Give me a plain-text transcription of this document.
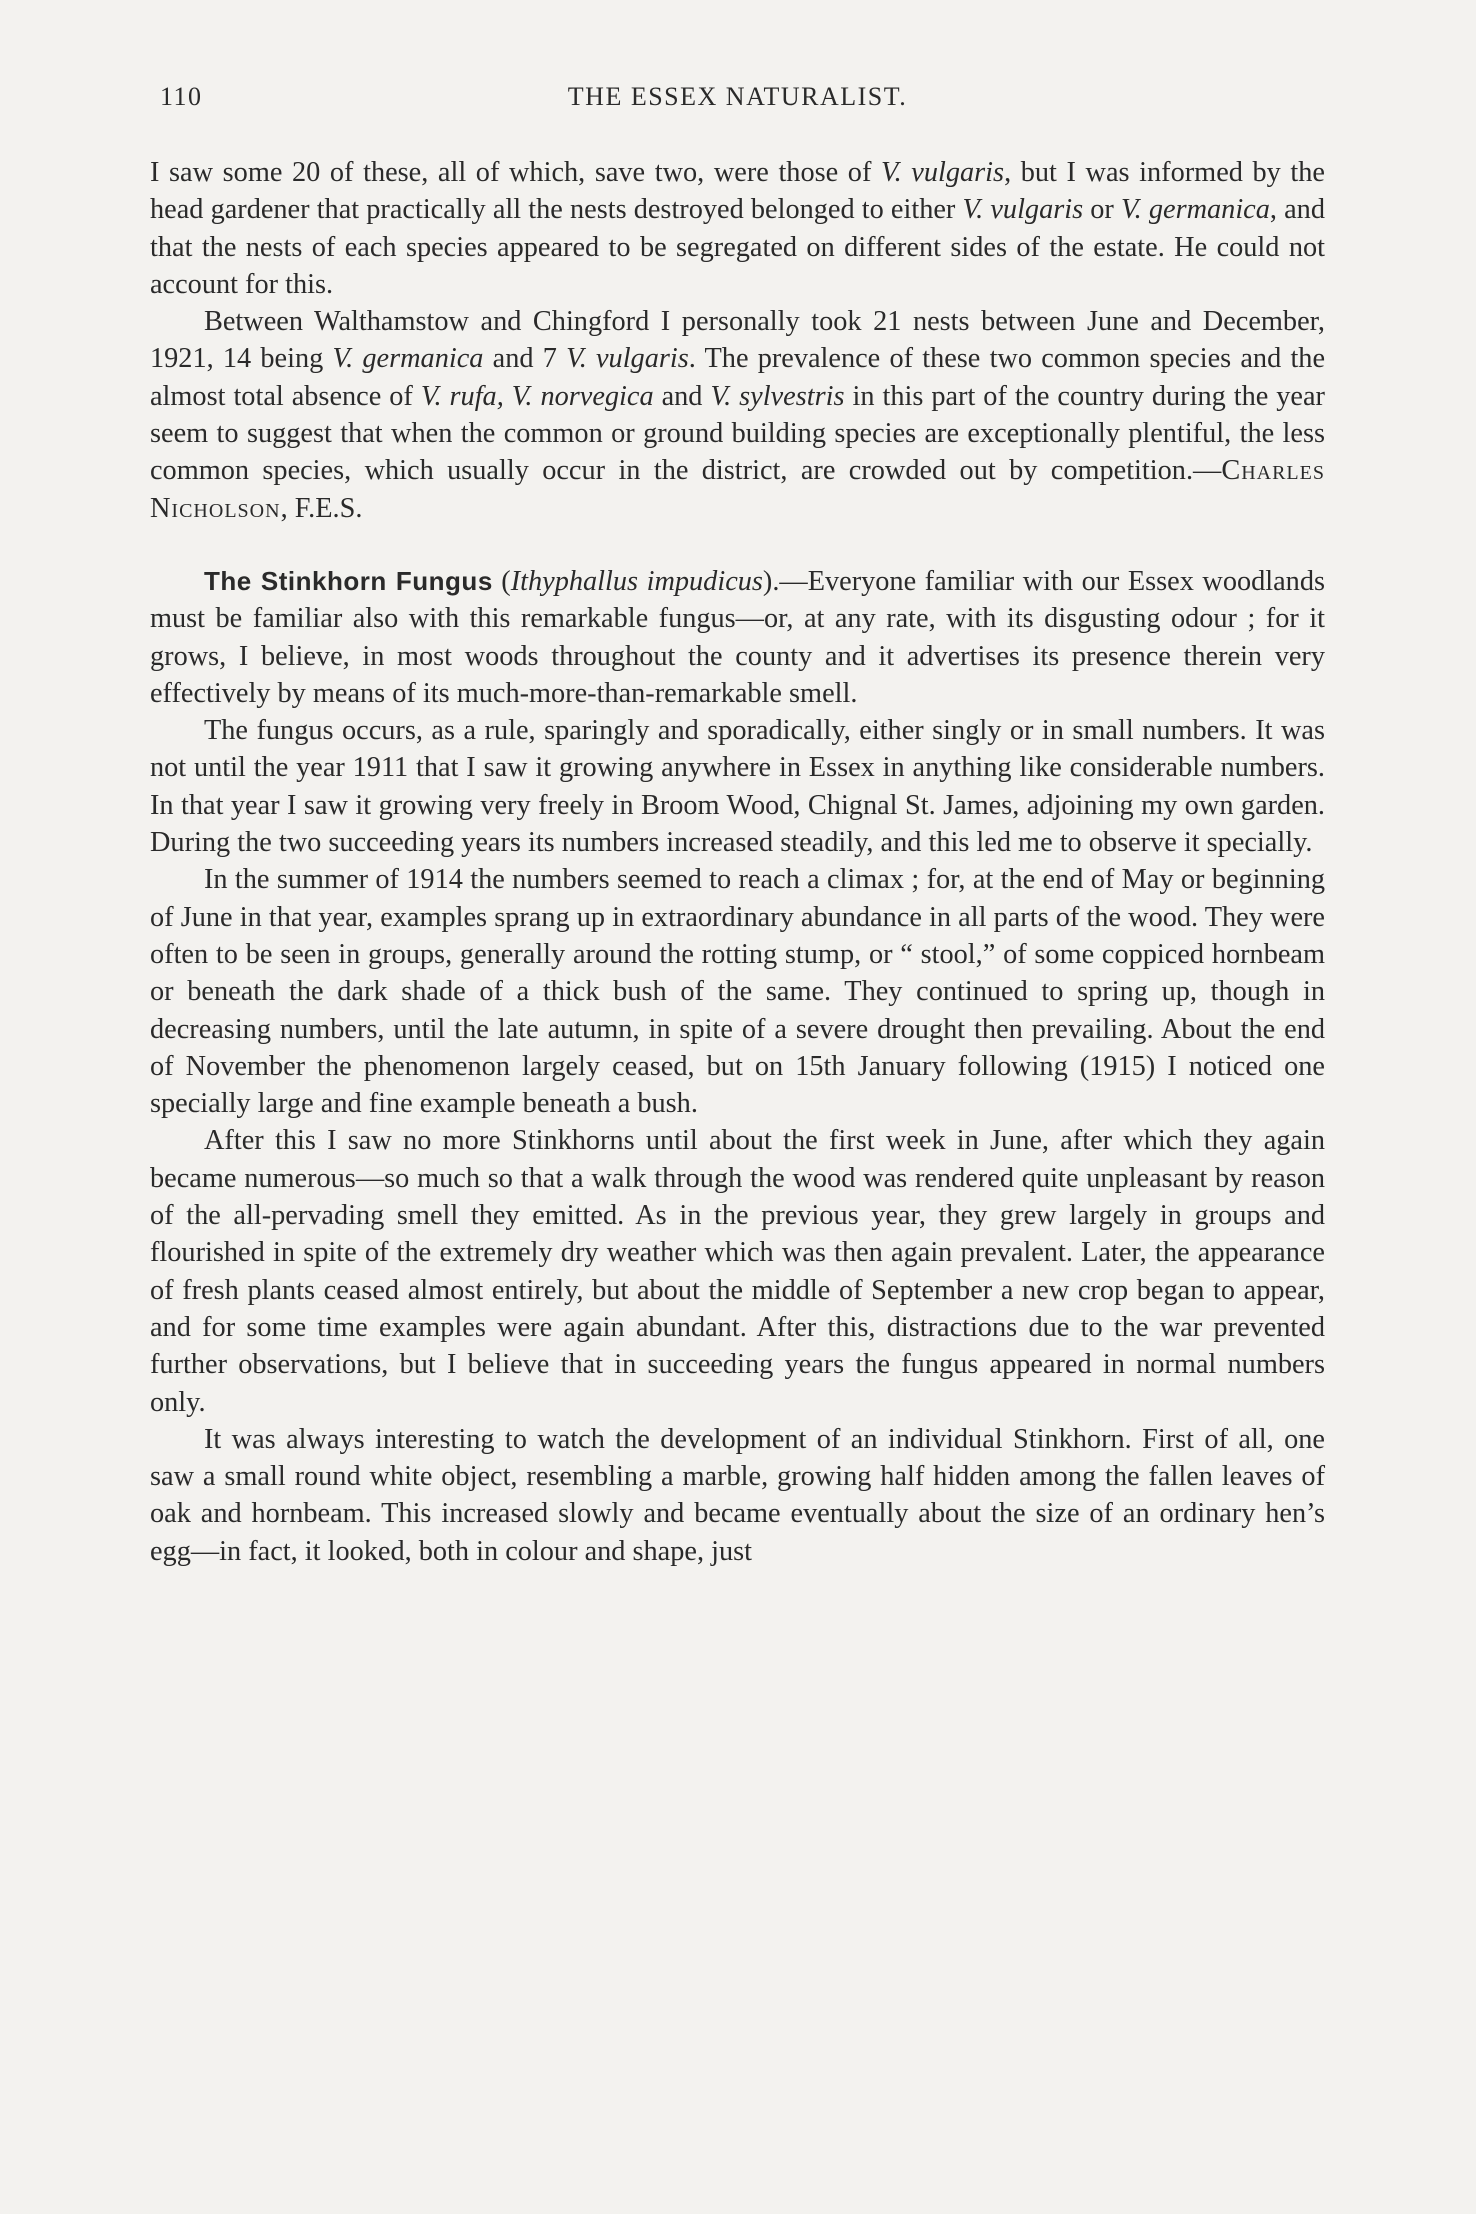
110	THE ESSEX NATURALIST.

I saw some 20 of these, all of which, save two, were those of V. vulgaris, but I was informed by the head gardener that practically all the nests destroyed belonged to either V. vulgaris or V. germanica, and that the nests of each species appeared to be segregated on different sides of the estate. He could not account for this.

Between Walthamstow and Chingford I personally took 21 nests between June and December, 1921, 14 being V. germanica and 7 V. vulgaris. The prevalence of these two common species and the almost total absence of V. rufa, V. norvegica and V. sylvestris in this part of the country during the year seem to suggest that when the common or ground building species are exceptionally plentiful, the less common species, which usually occur in the district, are crowded out by competition.—Charles Nicholson, F.E.S.

The Stinkhorn Fungus (Ithyphallus impudicus).—Everyone familiar with our Essex woodlands must be familiar also with this remarkable fungus—or, at any rate, with its disgusting odour ; for it grows, I believe, in most woods throughout the county and it advertises its presence therein very effectively by means of its much-more-than-remarkable smell.

The fungus occurs, as a rule, sparingly and sporadically, either singly or in small numbers. It was not until the year 1911 that I saw it growing anywhere in Essex in anything like considerable numbers. In that year I saw it growing very freely in Broom Wood, Chignal St. James, adjoining my own garden. During the two succeeding years its numbers increased steadily, and this led me to observe it specially.

In the summer of 1914 the numbers seemed to reach a climax ; for, at the end of May or beginning of June in that year, examples sprang up in extraordinary abundance in all parts of the wood. They were often to be seen in groups, generally around the rotting stump, or “ stool,” of some coppiced hornbeam or beneath the dark shade of a thick bush of the same. They continued to spring up, though in decreasing numbers, until the late autumn, in spite of a severe drought then prevailing. About the end of November the phenomenon largely ceased, but on 15th January following (1915) I noticed one specially large and fine example beneath a bush.

After this I saw no more Stinkhorns until about the first week in June, after which they again became numerous—so much so that a walk through the wood was rendered quite unpleasant by reason of the all-pervading smell they emitted. As in the previous year, they grew largely in groups and flourished in spite of the extremely dry weather which was then again prevalent. Later, the appearance of fresh plants ceased almost entirely, but about the middle of September a new crop began to appear, and for some time examples were again abundant. After this, distractions due to the war prevented further observations, but I believe that in succeeding years the fungus appeared in normal numbers only.

It was always interesting to watch the development of an individual Stinkhorn. First of all, one saw a small round white object, resembling a marble, growing half hidden among the fallen leaves of oak and hornbeam. This increased slowly and became eventually about the size of an ordinary hen’s egg—in fact, it looked, both in colour and shape, just
